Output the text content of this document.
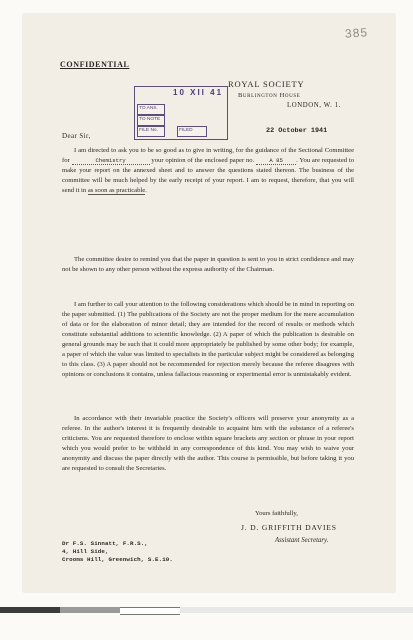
385
CONFIDENTIAL
ROYAL SOCIETY
Burlington House
LONDON, W. 1.
10 XII 41
TO ANS.
TO NOTE
FILE No.	FILED	22 October 1941
Dear Sir,
I am directed to ask you to be so good as to give in writing, for the guidance of the Sectional Committee for	Chemistry	your opinion of the enclosed paper no.	A 85 . You are requested to make your report on the annexed sheet and to answer the questions stated thereon. The business of the committee will be much helped by the early receipt of your report. I am to request, therefore, that you will send it in as soon as practicable.
The committee desire to remind you that the paper in question is sent to you in strict confidence and may not be shown to any other person without the express authority of the Chairman.
I am further to call your attention to the following considerations which should be in mind in reporting on the paper submitted. (1) The publications of the Society are not the proper medium for the mere accumulation of data or for the elaboration of minor detail; they are intended for the record of results or methods which constitute substantial additions to scientific knowledge. (2) A paper of which the publication is desirable on general grounds may be such that it could more appropriately be published by some other body; for example, a paper of which the value was limited to specialists in the particular subject might be considered as belonging to this class. (3) A paper should not be recommended for rejection merely because the referee disagrees with opinions or conclusions it contains, unless fallacious reasoning or experimental error is unmistakably evident.
In accordance with their invariable practice the Society's officers will preserve your anonymity as a referee. In the author's interest it is frequently desirable to acquaint him with the substance of a referee's criticisms. You are requested therefore to enclose within square brackets any section or phrase in your report which you would prefer to be withheld in any correspondence of this kind. You may wish to waive your anonymity and discuss the paper directly with the author. This course is permissible, but before taking it you are requested to consult the Secretaries.
Yours faithfully,
J. D. GRIFFITH DAVIES
Assistant Secretary.
Dr F.S. Sinnatt, F.R.S.,
4, Hill Side,
Crooms Hill, Greenwich, S.E.10.
